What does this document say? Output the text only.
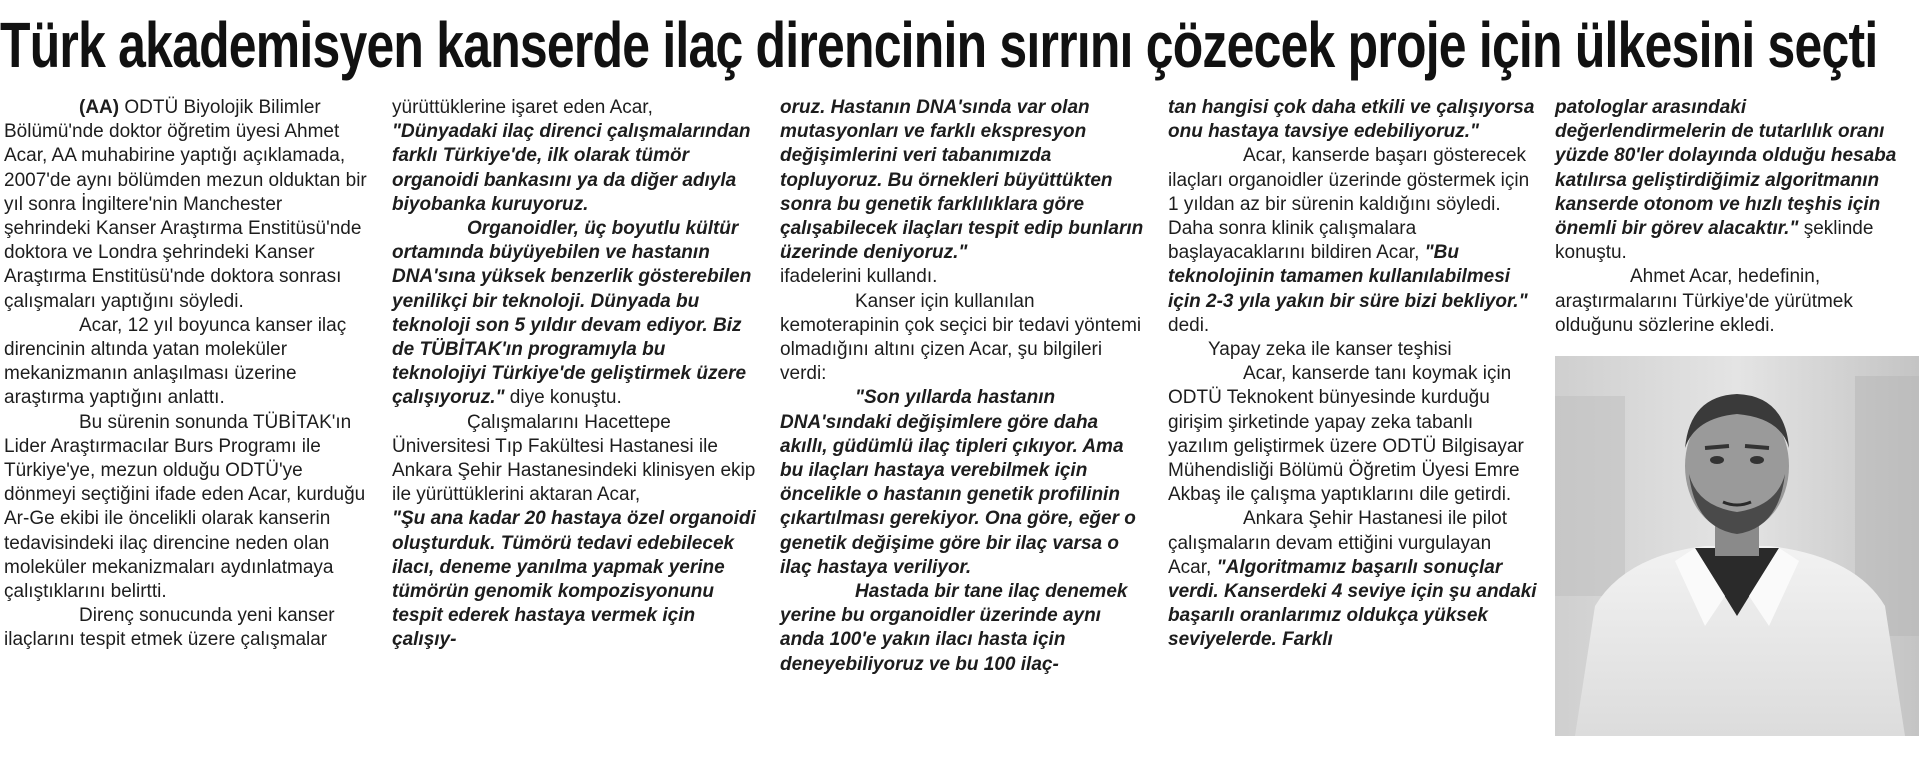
Türk akademisyen kanserde ilaç direncinin sırrını çözecek proje için ülkesini seçti

(AA) ODTÜ Biyolojik Bilimler Bölümü'nde doktor öğretim üyesi Ahmet Acar, AA muhabirine yaptığı açıklamada, 2007'de aynı bölümden mezun olduktan bir yıl sonra İngiltere'nin Manchester şehrindeki Kanser Araştırma Enstitüsü'nde doktora ve Londra şehrindeki Kanser Araştırma Enstitüsü'nde doktora sonrası çalışmaları yaptığını söyledi.

Acar, 12 yıl boyunca kanser ilaç direncinin altında yatan moleküler mekanizmanın anlaşılması üzerine araştırma yaptığını anlattı.

Bu sürenin sonunda TÜBİTAK'ın Lider Araştırmacılar Burs Programı ile Türkiye'ye, mezun olduğu ODTÜ'ye dönmeyi seçtiğini ifade eden Acar, kurduğu Ar-Ge ekibi ile öncelikli olarak kanserin tedavisindeki ilaç direncine neden olan moleküler mekanizmaları aydınlatmaya çalıştıklarını belirtti.

Direnç sonucunda yeni kanser ilaçlarını tespit etmek üzere çalışmalar

yürüttüklerine işaret eden Acar,
"Dünyadaki ilaç direnci çalışmalarından farklı Türkiye'de, ilk olarak tümör organoidi bankasını ya da diğer adıyla biyobanka kuruyoruz.

Organoidler, üç boyutlu kültür ortamında büyüyebilen ve hastanın DNA'sına yüksek benzerlik gösterebilen yenilikçi bir teknoloji. Dünyada bu teknoloji son 5 yıldır devam ediyor. Biz de TÜBİTAK'ın programıyla bu teknolojiyi Türkiye'de geliştirmek üzere çalışıyoruz." diye konuştu.

Çalışmalarını Hacettepe Üniversitesi Tıp Fakültesi Hastanesi ile Ankara Şehir Hastanesindeki klinisyen ekip ile yürüttüklerini aktaran Acar,
"Şu ana kadar 20 hastaya özel organoidi oluşturduk. Tümörü tedavi edebilecek ilacı, deneme yanılma yapmak yerine tümörün genomik kompozisyonunu tespit ederek hastaya vermek için çalışıy-

oruz. Hastanın DNA'sında var olan mutasyonları ve farklı ekspresyon değişimlerini veri tabanımızda topluyoruz. Bu örnekleri büyüttükten sonra bu genetik farklılıklara göre çalışabilecek ilaçları tespit edip bunların üzerinde deniyoruz."
ifadelerini kullandı.

Kanser için kullanılan kemoterapinin çok seçici bir tedavi yöntemi olmadığını altını çizen Acar, şu bilgileri verdi:

"Son yıllarda hastanın DNA'sındaki değişimlere göre daha akıllı, güdümlü ilaç tipleri çıkıyor. Ama bu ilaçları hastaya verebilmek için öncelikle o hastanın genetik profilinin çıkartılması gerekiyor. Ona göre, eğer o genetik değişime göre bir ilaç varsa o ilaç hastaya veriliyor.

Hastada bir tane ilaç denemek yerine bu organoidler üzerinde aynı anda 100'e yakın ilacı hasta için deneyebiliyoruz ve bu 100 ilaç-

tan hangisi çok daha etkili ve çalışıyorsa onu hastaya tavsiye edebiliyoruz."

Acar, kanserde başarı gösterecek ilaçları organoidler üzerinde göstermek için 1 yıldan az bir sürenin kaldığını söyledi. Daha sonra klinik çalışmalara başlayacaklarını bildiren Acar, "Bu teknolojinin tamamen kullanılabilmesi için 2-3 yıla yakın bir süre bizi bekliyor." dedi.

Yapay zeka ile kanser teşhisi

Acar, kanserde tanı koymak için ODTÜ Teknokent bünyesinde kurduğu girişim şirketinde yapay zeka tabanlı yazılım geliştirmek üzere ODTÜ Bilgisayar Mühendisliği Bölümü Öğretim Üyesi Emre Akbaş ile çalışma yaptıklarını dile getirdi.

Ankara Şehir Hastanesi ile pilot çalışmaların devam ettiğini vurgulayan Acar, "Algoritmamız başarılı sonuçlar verdi. Kanserdeki 4 seviye için şu andaki başarılı oranlarımız oldukça yüksek seviyelerde. Farklı

patologlar arasındaki değerlendirmelerin de tutarlılık oranı yüzde 80'ler dolayında olduğu hesaba katılırsa geliştirdiğimiz algoritmanın kanserde otonom ve hızlı teşhis için önemli bir görev alacaktır." şeklinde konuştu.

Ahmet Acar, hedefinin, araştırmalarını Türkiye'de yürütmek olduğunu sözlerine ekledi.
